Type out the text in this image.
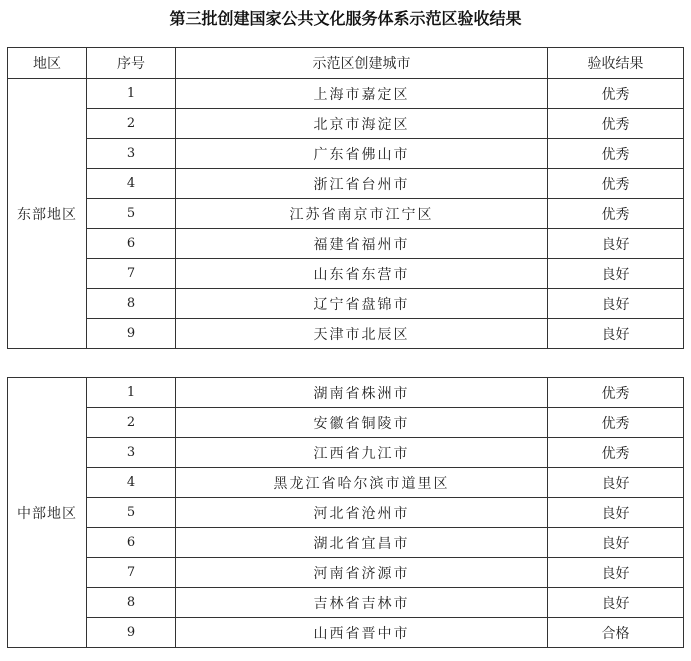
第三批创建国家公共文化服务体系示范区验收结果
地区	序号	示范区创建城市	验收结果
东部地区	1	上海市嘉定区	优秀
	2	北京市海淀区	优秀
	3	广东省佛山市	优秀
	4	浙江省台州市	优秀
	5	江苏省南京市江宁区	优秀
	6	福建省福州市	良好
	7	山东省东营市	良好
	8	辽宁省盘锦市	良好
	9	天津市北辰区	良好
中部地区	1	湖南省株洲市	优秀
	2	安徽省铜陵市	优秀
	3	江西省九江市	优秀
	4	黑龙江省哈尔滨市道里区	良好
	5	河北省沧州市	良好
	6	湖北省宜昌市	良好
	7	河南省济源市	良好
	8	吉林省吉林市	良好
	9	山西省晋中市	合格
